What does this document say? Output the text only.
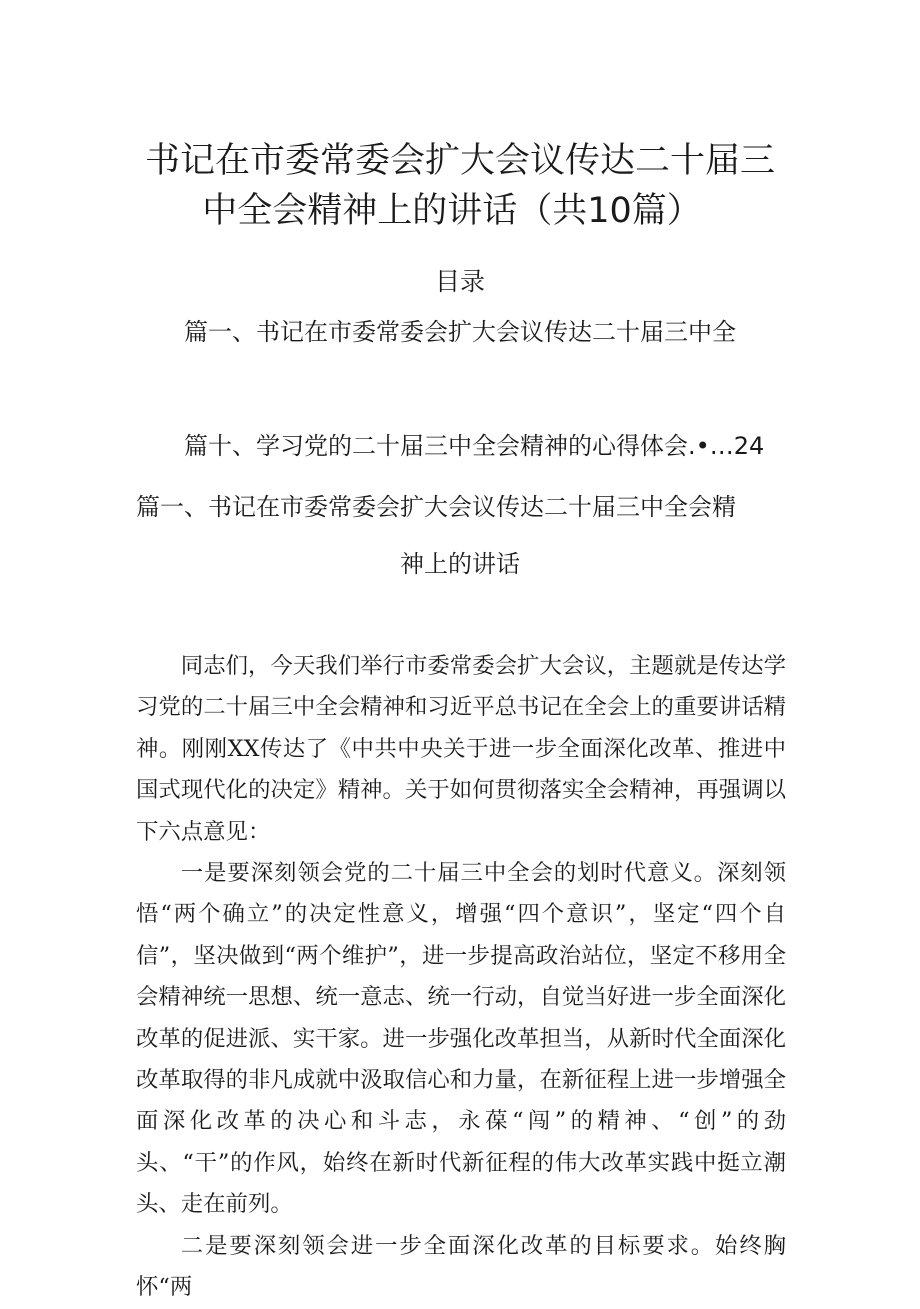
书记在市委常委会扩大会议传达二十届三
中全会精神上的讲话（共10篇）
目录
篇一、书记在市委常委会扩大会议传达二十届三中全
篇十、学习党的二十届三中全会精神的心得体会.•…24
篇一、书记在市委常委会扩大会议传达二十届三中全会精
神上的讲话

同志们，今天我们举行市委常委会扩大会议，主题就是传达学习党的二十届三中全会精神和习近平总书记在全会上的重要讲话精神。刚刚XX传达了《中共中央关于进一步全面深化改革、推进中国式现代化的决定》精神。关于如何贯彻落实全会精神，再强调以下六点意见：

一是要深刻领会党的二十届三中全会的划时代意义。深刻领悟“两个确立”的决定性意义，增强“四个意识”，坚定“四个自信”，坚决做到“两个维护”，进一步提高政治站位，坚定不移用全会精神统一思想、统一意志、统一行动，自觉当好进一步全面深化改革的促进派、实干家。进一步强化改革担当，从新时代全面深化改革取得的非凡成就中汲取信心和力量，在新征程上进一步增强全面深化改革的决心和斗志，永葆“闯”的精神、“创”的劲头、“干”的作风，始终在新时代新征程的伟大改革实践中挺立潮头、走在前列。

二是要深刻领会进一步全面深化改革的目标要求。始终胸怀“两
